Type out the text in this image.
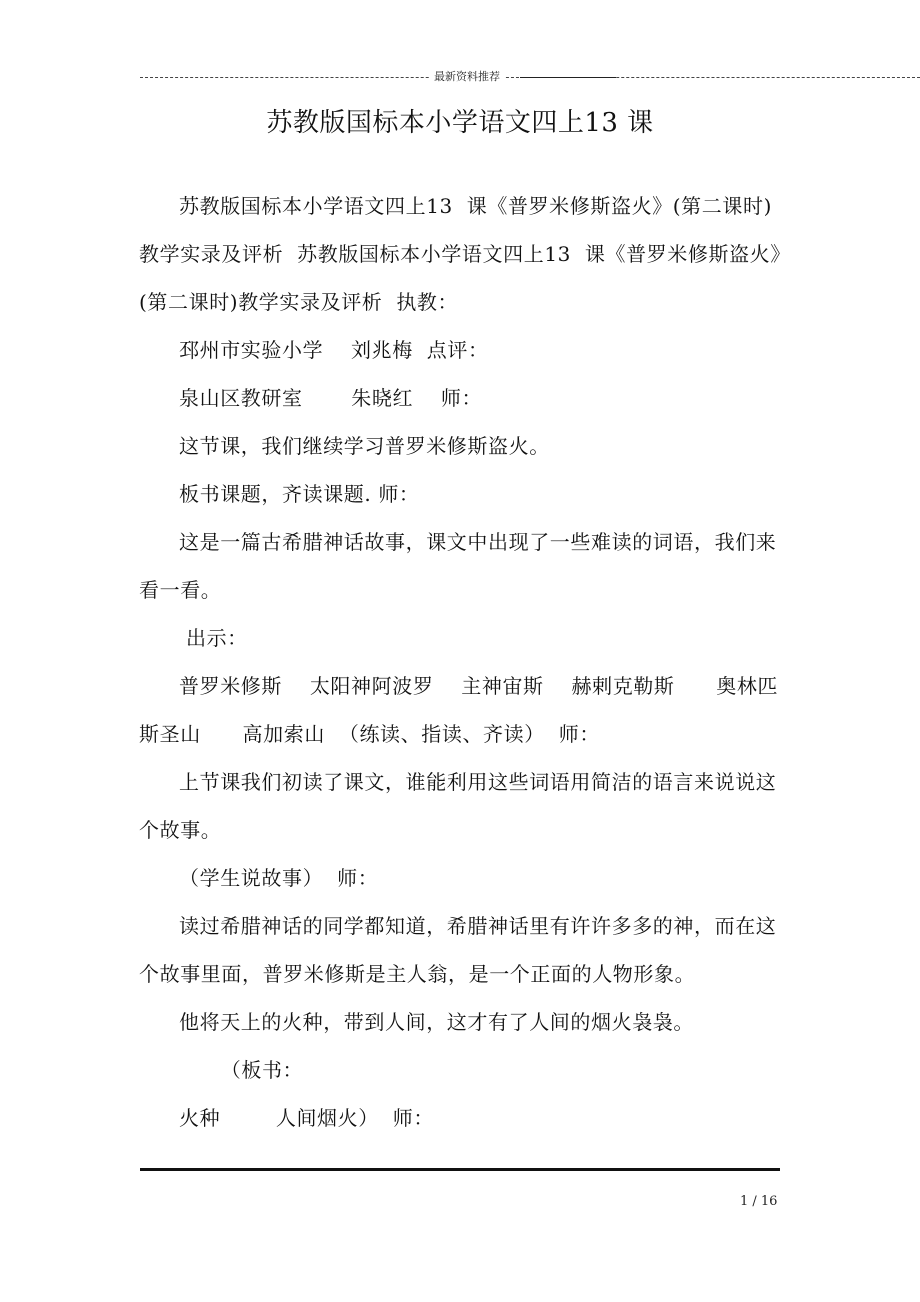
最新资料推荐
苏教版国标本小学语文四上13 课

苏教版国标本小学语文四上13  课《普罗米修斯盗火》(第二课时)教学实录及评析  苏教版国标本小学语文四上13  课《普罗米修斯盗火》(第二课时)教学实录及评析  执教：

邳州市实验小学    刘兆梅  点评：

泉山区教研室       朱晓红    师：

这节课，我们继续学习普罗米修斯盗火。

板书课题，齐读课题. 师：

这是一篇古希腊神话故事，课文中出现了一些难读的词语，我们来看一看。

出示：

普罗米修斯    太阳神阿波罗    主神宙斯    赫剌克勒斯      奥林匹斯圣山      高加索山  （练读、指读、齐读）  师：

上节课我们初读了课文，谁能利用这些词语用简洁的语言来说说这个故事。

（学生说故事）  师：

读过希腊神话的同学都知道，希腊神话里有许许多多的神，而在这个故事里面，普罗米修斯是主人翁，是一个正面的人物形象。

他将天上的火种，带到人间，这才有了人间的烟火袅袅。

（板书：

火种        人间烟火）  师：

1 / 16
